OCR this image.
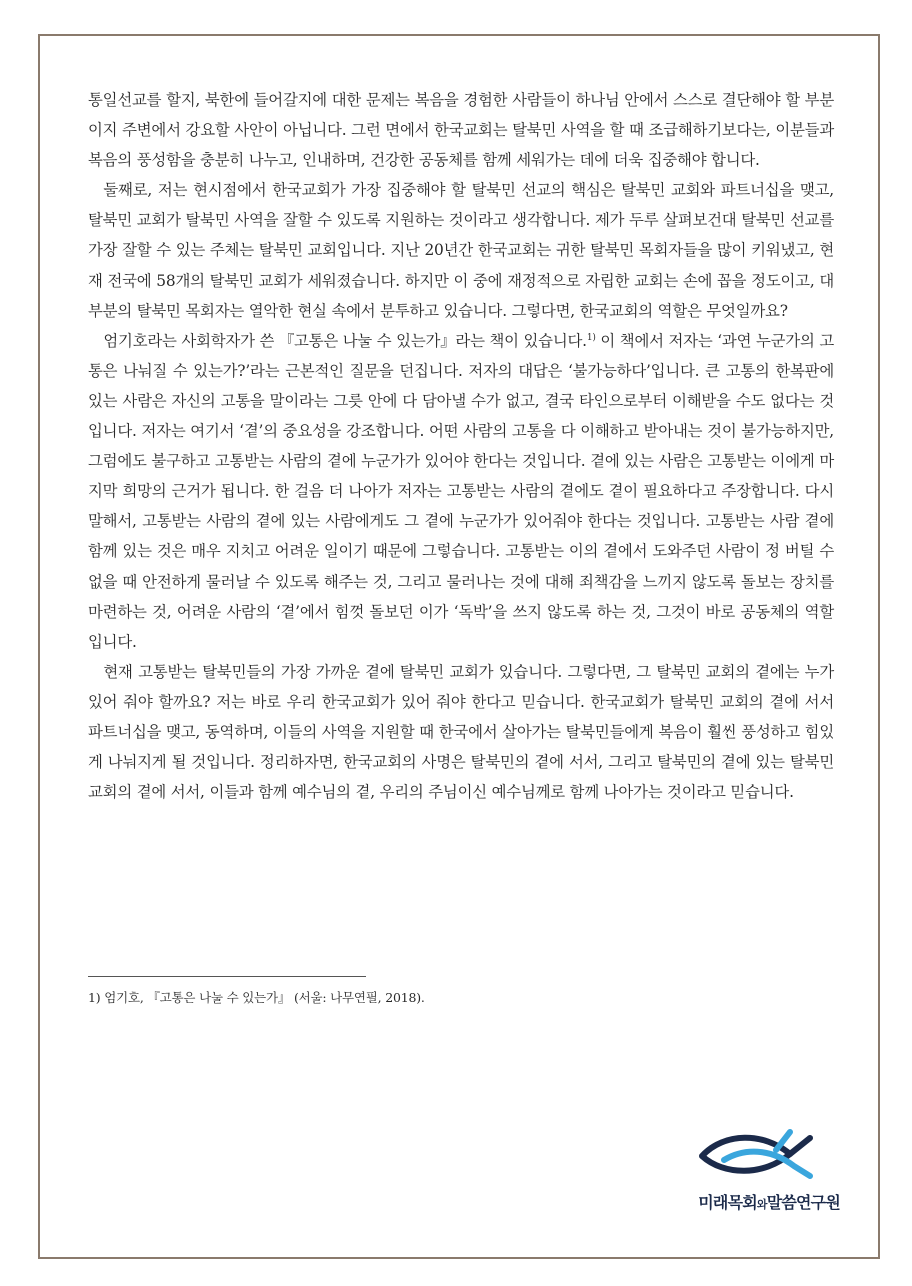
통일선교를 할지, 북한에 들어갈지에 대한 문제는 복음을 경험한 사람들이 하나님 안에서 스스로 결단해야 할 부분이지 주변에서 강요할 사안이 아닙니다. 그런 면에서 한국교회는 탈북민 사역을 할 때 조급해하기보다는, 이분들과 복음의 풍성함을 충분히 나누고, 인내하며, 건강한 공동체를 함께 세워가는 데에 더욱 집중해야 합니다.

둘째로, 저는 현시점에서 한국교회가 가장 집중해야 할 탈북민 선교의 핵심은 탈북민 교회와 파트너십을 맺고, 탈북민 교회가 탈북민 사역을 잘할 수 있도록 지원하는 것이라고 생각합니다. 제가 두루 살펴보건대 탈북민 선교를 가장 잘할 수 있는 주체는 탈북민 교회입니다. 지난 20년간 한국교회는 귀한 탈북민 목회자들을 많이 키워냈고, 현재 전국에 58개의 탈북민 교회가 세워졌습니다. 하지만 이 중에 재정적으로 자립한 교회는 손에 꼽을 정도이고, 대부분의 탈북민 목회자는 열악한 현실 속에서 분투하고 있습니다. 그렇다면, 한국교회의 역할은 무엇일까요?

엄기호라는 사회학자가 쓴 『고통은 나눌 수 있는가』라는 책이 있습니다.$^{1)}$ 이 책에서 저자는 ‘과연 누군가의 고통은 나눠질 수 있는가?’라는 근본적인 질문을 던집니다. 저자의 대답은 ‘불가능하다’입니다. 큰 고통의 한복판에 있는 사람은 자신의 고통을 말이라는 그릇 안에 다 담아낼 수가 없고, 결국 타인으로부터 이해받을 수도 없다는 것입니다. 저자는 여기서 ‘곁’의 중요성을 강조합니다. 어떤 사람의 고통을 다 이해하고 받아내는 것이 불가능하지만, 그럼에도 불구하고 고통받는 사람의 곁에 누군가가 있어야 한다는 것입니다. 곁에 있는 사람은 고통받는 이에게 마지막 희망의 근거가 됩니다. 한 걸음 더 나아가 저자는 고통받는 사람의 곁에도 곁이 필요하다고 주장합니다. 다시 말해서, 고통받는 사람의 곁에 있는 사람에게도 그 곁에 누군가가 있어줘야 한다는 것입니다. 고통받는 사람 곁에 함께 있는 것은 매우 지치고 어려운 일이기 때문에 그렇습니다. 고통받는 이의 곁에서 도와주던 사람이 정 버틸 수 없을 때 안전하게 물러날 수 있도록 해주는 것, 그리고 물러나는 것에 대해 죄책감을 느끼지 않도록 돌보는 장치를 마련하는 것, 어려운 사람의 ‘곁’에서 힘껏 돌보던 이가 ‘독박’을 쓰지 않도록 하는 것, 그것이 바로 공동체의 역할입니다.

현재 고통받는 탈북민들의 가장 가까운 곁에 탈북민 교회가 있습니다. 그렇다면, 그 탈북민 교회의 곁에는 누가 있어 줘야 할까요? 저는 바로 우리 한국교회가 있어 줘야 한다고 믿습니다. 한국교회가 탈북민 교회의 곁에 서서 파트너십을 맺고, 동역하며, 이들의 사역을 지원할 때 한국에서 살아가는 탈북민들에게 복음이 훨씬 풍성하고 힘있게 나눠지게 될 것입니다. 정리하자면, 한국교회의 사명은 탈북민의 곁에 서서, 그리고 탈북민의 곁에 있는 탈북민 교회의 곁에 서서, 이들과 함께 예수님의 곁, 우리의 주님이신 예수님께로 함께 나아가는 것이라고 믿습니다.

1) 엄기호, 『고통은 나눌 수 있는가』 (서울: 나무연필, 2018).
미래목회와말씀연구원
